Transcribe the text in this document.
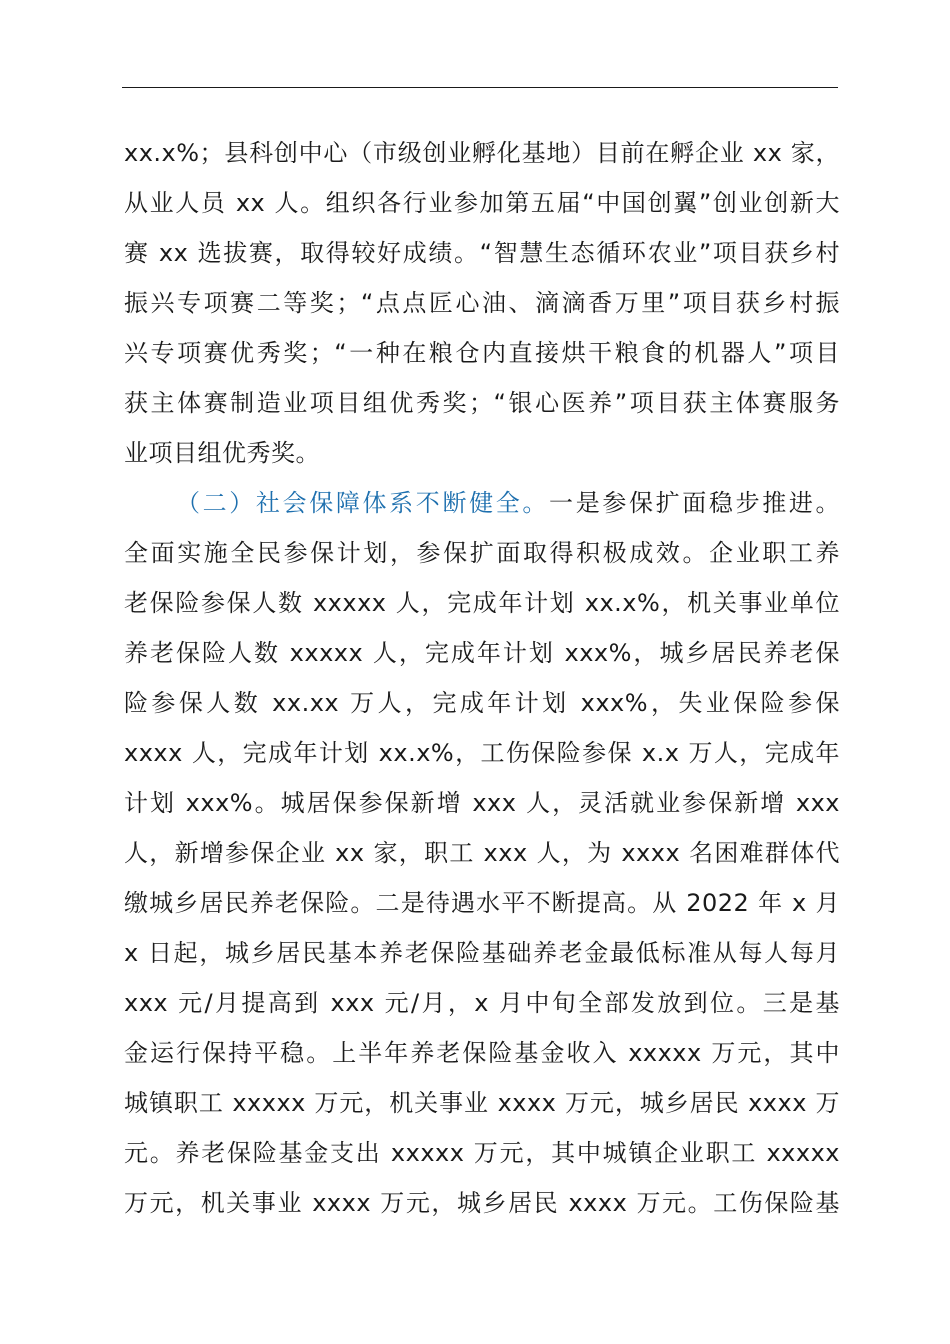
xx.x%；县科创中心（市级创业孵化基地）目前在孵企业 xx 家，
从业人员 xx 人。组织各行业参加第五届“中国创翼”创业创新大
赛 xx 选拔赛，取得较好成绩。“智慧生态循环农业”项目获乡村
振兴专项赛二等奖；“点点匠心油、滴滴香万里”项目获乡村振
兴专项赛优秀奖；“一种在粮仓内直接烘干粮食的机器人”项目
获主体赛制造业项目组优秀奖；“银心医养”项目获主体赛服务
业项目组优秀奖。
（二）社会保障体系不断健全。一是参保扩面稳步推进。
全面实施全民参保计划，参保扩面取得积极成效。企业职工养
老保险参保人数 xxxxx 人，完成年计划 xx.x%，机关事业单位
养老保险人数 xxxxx 人，完成年计划 xxx%，城乡居民养老保
险参保人数 xx.xx 万人，完成年计划 xxx%，失业保险参保
xxxx 人，完成年计划 xx.x%，工伤保险参保 x.x 万人，完成年
计划 xxx%。城居保参保新增 xxx 人，灵活就业参保新增 xxx
人，新增参保企业 xx 家，职工 xxx 人，为 xxxx 名困难群体代
缴城乡居民养老保险。二是待遇水平不断提高。从 2022 年 x 月
x 日起，城乡居民基本养老保险基础养老金最低标准从每人每月
xxx 元/月提高到 xxx 元/月，x 月中旬全部发放到位。三是基
金运行保持平稳。上半年养老保险基金收入 xxxxx 万元，其中
城镇职工 xxxxx 万元，机关事业 xxxx 万元，城乡居民 xxxx 万
元。养老保险基金支出 xxxxx 万元，其中城镇企业职工 xxxxx
万元，机关事业 xxxx 万元，城乡居民 xxxx 万元。工伤保险基
